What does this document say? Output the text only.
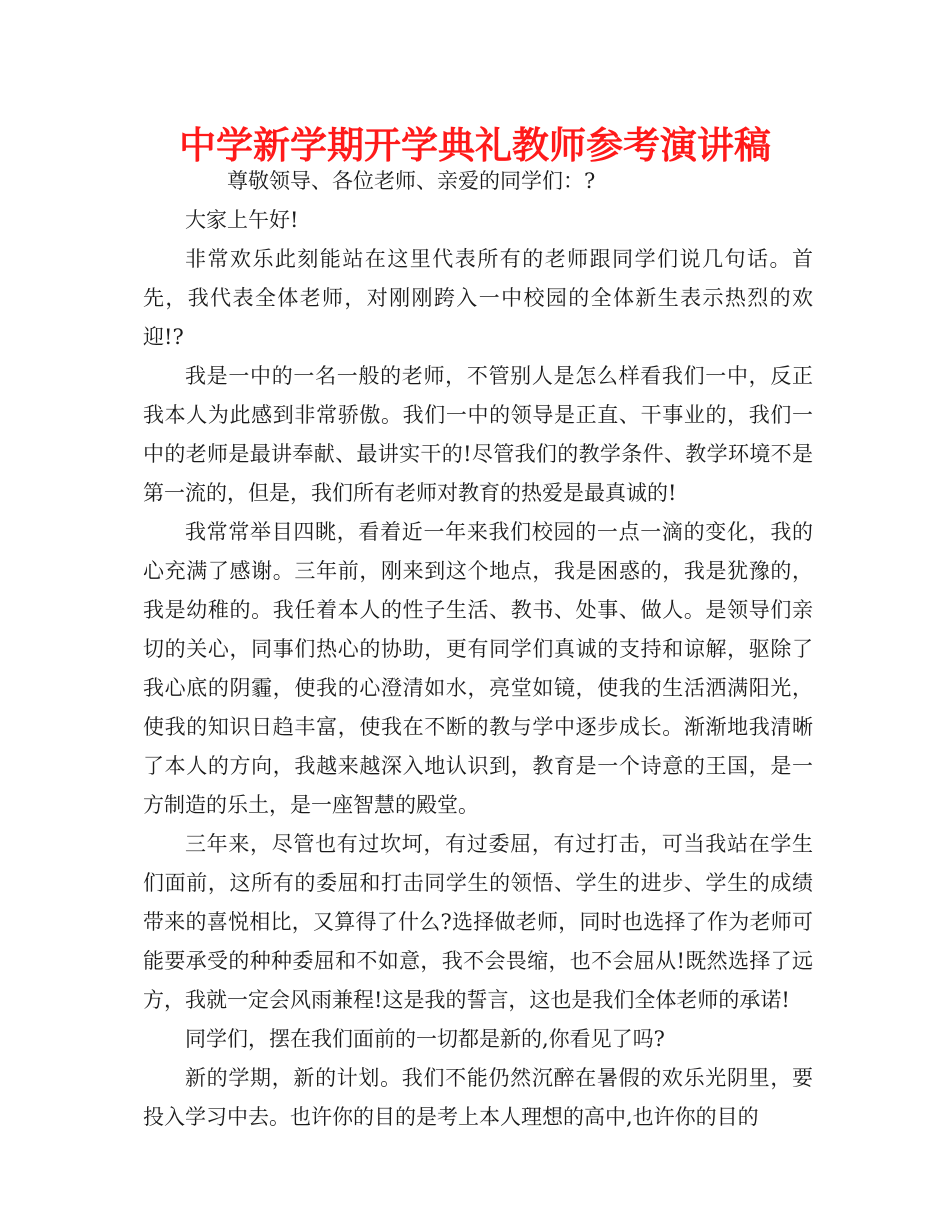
中学新学期开学典礼教师参考演讲稿

尊敬领导、各位老师、亲爱的同学们：?

大家上午好!

非常欢乐此刻能站在这里代表所有的老师跟同学们说几句话。首先，我代表全体老师，对刚刚跨入一中校园的全体新生表示热烈的欢迎!?

我是一中的一名一般的老师，不管别人是怎么样看我们一中，反正我本人为此感到非常骄傲。我们一中的领导是正直、干事业的，我们一中的老师是最讲奉献、最讲实干的!尽管我们的教学条件、教学环境不是第一流的，但是，我们所有老师对教育的热爱是最真诚的!

我常常举目四眺，看着近一年来我们校园的一点一滴的变化，我的心充满了感谢。三年前，刚来到这个地点，我是困惑的，我是犹豫的，我是幼稚的。我任着本人的性子生活、教书、处事、做人。是领导们亲切的关心，同事们热心的协助，更有同学们真诚的支持和谅解，驱除了我心底的阴霾，使我的心澄清如水，亮堂如镜，使我的生活洒满阳光，使我的知识日趋丰富，使我在不断的教与学中逐步成长。渐渐地我清晰了本人的方向，我越来越深入地认识到，教育是一个诗意的王国，是一方制造的乐土，是一座智慧的殿堂。

三年来，尽管也有过坎坷，有过委屈，有过打击，可当我站在学生们面前，这所有的委屈和打击同学生的领悟、学生的进步、学生的成绩带来的喜悦相比，又算得了什么?选择做老师，同时也选择了作为老师可能要承受的种种委屈和不如意，我不会畏缩，也不会屈从!既然选择了远方，我就一定会风雨兼程!这是我的誓言，这也是我们全体老师的承诺!

同学们，摆在我们面前的一切都是新的,你看见了吗?

新的学期，新的计划。我们不能仍然沉醉在暑假的欢乐光阴里，要投入学习中去。也许你的目的是考上本人理想的高中,也许你的目的
